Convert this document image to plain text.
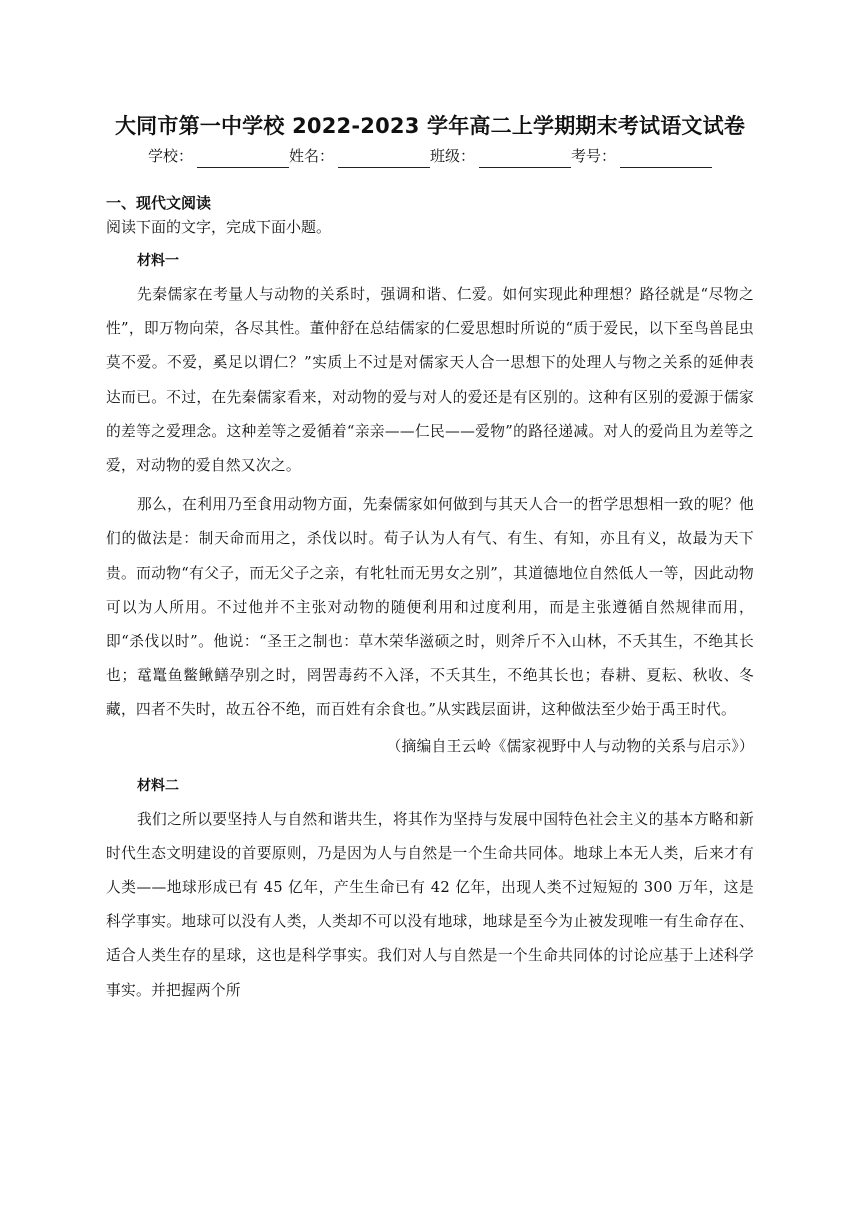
大同市第一中学校 2022-2023 学年高二上学期期末考试语文试卷
学校：	姓名：	班级：	考号：
一、现代文阅读

阅读下面的文字，完成下面小题。

材料一

先秦儒家在考量人与动物的关系时，强调和谐、仁爱。如何实现此种理想？路径就是“尽物之性”，即万物向荣，各尽其性。董仲舒在总结儒家的仁爱思想时所说的“质于爱民，以下至鸟兽昆虫莫不爱。不爱，奚足以谓仁？”实质上不过是对儒家天人合一思想下的处理人与物之关系的延伸表达而已。不过，在先秦儒家看来，对动物的爱与对人的爱还是有区别的。这种有区别的爱源于儒家的差等之爱理念。这种差等之爱循着“亲亲——仁民——爱物”的路径递减。对人的爱尚且为差等之爱，对动物的爱自然又次之。

那么，在利用乃至食用动物方面，先秦儒家如何做到与其天人合一的哲学思想相一致的呢？他们的做法是：制天命而用之，杀伐以时。荀子认为人有气、有生、有知，亦且有义，故最为天下贵。而动物“有父子，而无父子之亲，有牝牡而无男女之别”，其道德地位自然低人一等，因此动物可以为人所用。不过他并不主张对动物的随便利用和过度利用，而是主张遵循自然规律而用，即“杀伐以时”。他说：“圣王之制也：草木荣华滋硕之时，则斧斤不入山林，不夭其生，不绝其长也；鼋鼍鱼鳖鳅鳝孕别之时，罔罟毒药不入泽，不夭其生，不绝其长也；春耕、夏耘、秋收、冬藏，四者不失时，故五谷不绝，而百姓有余食也。”从实践层面讲，这种做法至少始于禹王时代。

（摘编自王云岭《儒家视野中人与动物的关系与启示》）

材料二

我们之所以要坚持人与自然和谐共生，将其作为坚持与发展中国特色社会主义的基本方略和新时代生态文明建设的首要原则，乃是因为人与自然是一个生命共同体。地球上本无人类，后来才有人类——地球形成已有 45 亿年，产生生命已有 42 亿年，出现人类不过短短的 300 万年，这是科学事实。地球可以没有人类，人类却不可以没有地球，地球是至今为止被发现唯一有生命存在、适合人类生存的星球，这也是科学事实。我们对人与自然是一个生命共同体的讨论应基于上述科学事实。并把握两个所
